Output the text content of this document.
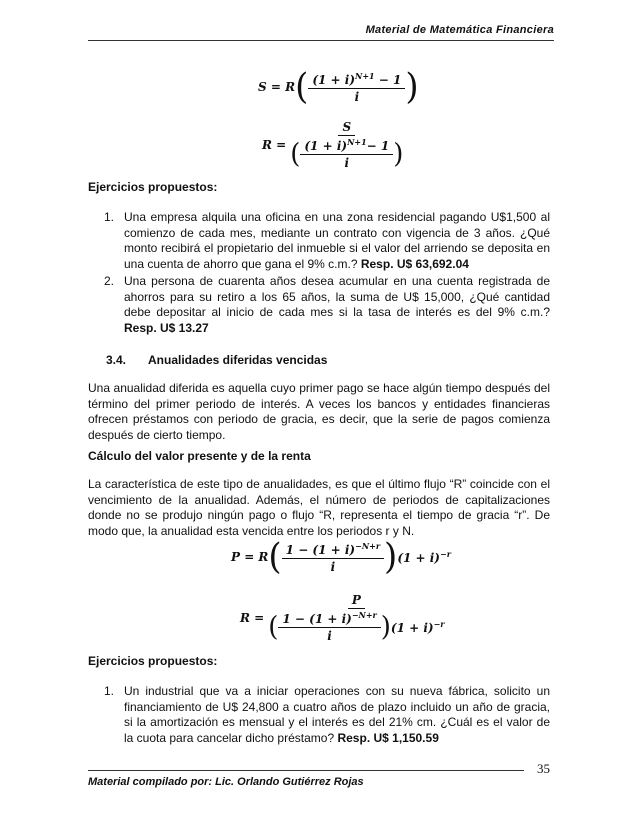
Material de Matemática Financiera
S = R ( $\frac{(1 + i)^{N+1} - 1}{i}$ )
$R = \frac{S}{( \frac{(1 + i)^{N+1}- 1}{i} )}$
Ejercicios propuestos:
1. Una empresa alquila una oficina en una zona residencial pagando U$1,500 al comienzo de cada mes, mediante un contrato con vigencia de 3 años. ¿Qué monto recibirá el propietario del inmueble si el valor del arriendo se deposita en una cuenta de ahorro que gana el 9% c.m.? Resp. U$ 63,692.04
2. Una persona de cuarenta años desea acumular en una cuenta registrada de ahorros para su retiro a los 65 años, la suma de U$ 15,000, ¿Qué cantidad debe depositar al inicio de cada mes si la tasa de interés es del 9% c.m.? Resp. U$ 13.27
3.4. Anualidades diferidas vencidas
Una anualidad diferida es aquella cuyo primer pago se hace algún tiempo después del término del primer periodo de interés. A veces los bancos y entidades financieras ofrecen préstamos con periodo de gracia, es decir, que la serie de pagos comienza después de cierto tiempo.
Cálculo del valor presente y de la renta
La característica de este tipo de anualidades, es que el último flujo “R” coincide con el vencimiento de la anualidad. Además, el número de periodos de capitalizaciones donde no se produjo ningún pago o flujo “R, representa el tiempo de gracia “r”. De modo que, la anualidad esta vencida entre los periodos r y N.
P = R ( $\frac{1 - (1 + i)^{-N+r}}{i}$ ) $(1 + i)^{-r}$
R =
P
( $\frac{1 - (1 + i)^{-N+r}}{i}$ ) $(1 + i)^{-r}$
Ejercicios propuestos:
1. Un industrial que va a iniciar operaciones con su nueva fábrica, solicito un financiamiento de U$ 24,800 a cuatro años de plazo incluido un año de gracia, si la amortización es mensual y el interés es del 21% cm. ¿Cuál es el valor de la cuota para cancelar dicho préstamo? Resp. U$ 1,150.59
35
Material compilado por: Lic. Orlando Gutiérrez Rojas
